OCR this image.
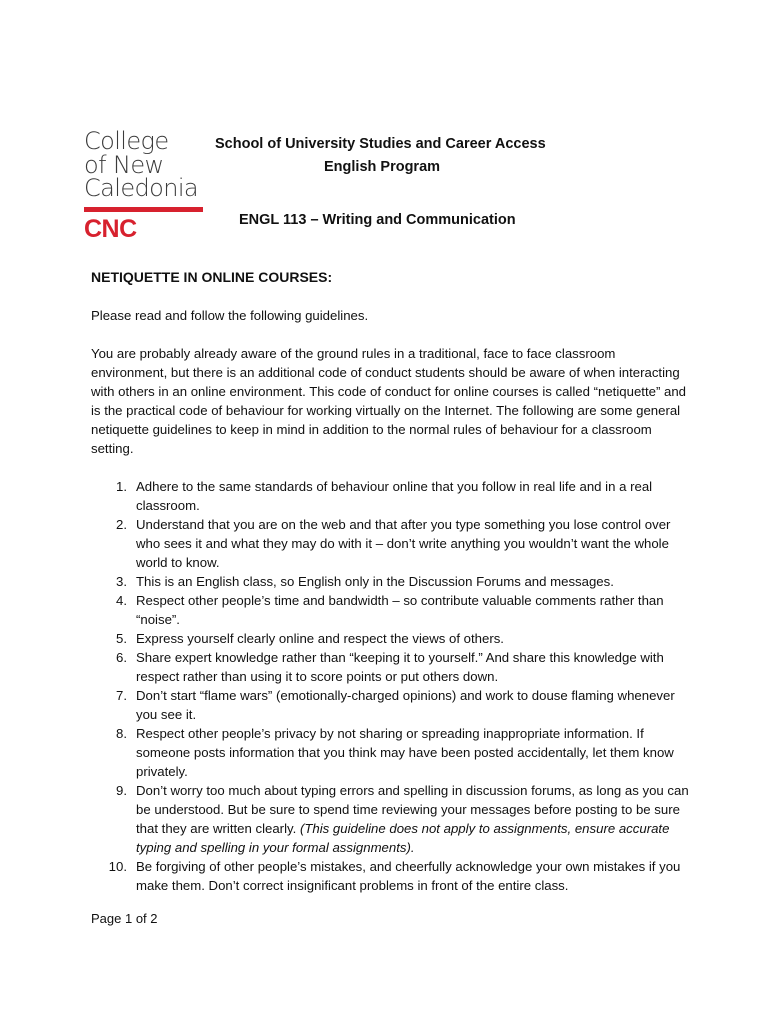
College
of New
Caledonia
CNC
School of University Studies and Career Access
English Program
ENGL 113 – Writing and Communication
NETIQUETTE IN ONLINE COURSES:

Please read and follow the following guidelines.

You are probably already aware of the ground rules in a traditional, face to face classroom environment, but there is an additional code of conduct students should be aware of when interacting with others in an online environment. This code of conduct for online courses is called “netiquette” and is the practical code of behaviour for working virtually on the Internet. The following are some general netiquette guidelines to keep in mind in addition to the normal rules of behaviour for a classroom setting.

1. Adhere to the same standards of behaviour online that you follow in real life and in a real classroom.
2. Understand that you are on the web and that after you type something you lose control over who sees it and what they may do with it – don’t write anything you wouldn’t want the whole world to know.
3. This is an English class, so English only in the Discussion Forums and messages.
4. Respect other people’s time and bandwidth – so contribute valuable comments rather than “noise”.
5. Express yourself clearly online and respect the views of others.
6. Share expert knowledge rather than “keeping it to yourself.” And share this knowledge with respect rather than using it to score points or put others down.
7. Don’t start “flame wars” (emotionally-charged opinions) and work to douse flaming whenever you see it.
8. Respect other people’s privacy by not sharing or spreading inappropriate information. If someone posts information that you think may have been posted accidentally, let them know privately.
9. Don’t worry too much about typing errors and spelling in discussion forums, as long as you can be understood. But be sure to spend time reviewing your messages before posting to be sure that they are written clearly. (This guideline does not apply to assignments, ensure accurate typing and spelling in your formal assignments).
10. Be forgiving of other people’s mistakes, and cheerfully acknowledge your own mistakes if you make them. Don’t correct insignificant problems in front of the entire class.
Page 1 of 2
